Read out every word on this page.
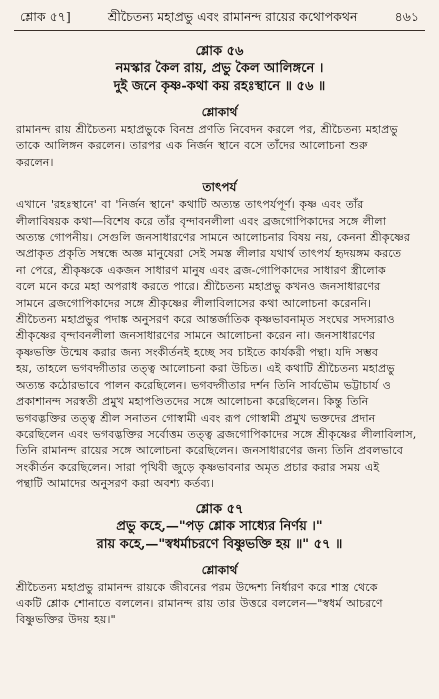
শ্লোক ৫৭]	শ্রীচৈতন্য মহাপ্রভু এবং রামানন্দ রায়ের কথোপকথন	৪৬১
শ্লোক ৫৬
নমস্কার কৈল রায়, প্রভু কৈল আলিঙ্গনে ।
দুই জনে কৃষ্ণ-কথা কয় রহঃস্থানে ॥ ৫৬ ॥
শ্লোকার্থ
রামানন্দ রায় শ্রীচৈতন্য মহাপ্রভুকে বিনম্র প্রণতি নিবেদন করলে পর, শ্রীচৈতন্য মহাপ্রভু
তাকে আলিঙ্গন করলেন। তারপর এক নির্জন স্থানে বসে তাঁদের আলোচনা শুরু
করলেন।
তাৎপর্য
এখানে 'রহঃস্থানে' বা 'নির্জন স্থানে' কথাটি অত্যন্ত তাৎপর্যপূর্ণ। কৃষ্ণ এবং তাঁর
লীলাবিষয়ক কথা—বিশেষ করে তাঁর বৃন্দাবনলীলা এবং ব্রজগোপিকাদের সঙ্গে লীলা
অত্যন্ত গোপনীয়। সেগুলি জনসাধারণের সামনে আলোচনার বিষয় নয়, কেননা শ্রীকৃষ্ণের
অপ্রাকৃত প্রকৃতি সম্বন্ধে অজ্ঞ মানুষেরা সেই সমস্ত লীলার যথার্থ তাৎপর্য হৃদয়ঙ্গম করতে
না পেরে, শ্রীকৃষ্ণকে একজন সাধারণ মানুষ এবং ব্রজ-গোপিকাদের সাধারণ স্ত্রীলোক
বলে মনে করে মহা অপরাধ করতে পারে। শ্রীচৈতন্য মহাপ্রভু কখনও জনসাধারণের
সামনে ব্রজগোপিকাদের সঙ্গে শ্রীকৃষ্ণের লীলাবিলাসের কথা আলোচনা করেননি।
শ্রীচৈতন্য মহাপ্রভুর পদাঙ্ক অনুসরণ করে আন্তর্জাতিক কৃষ্ণভাবনামৃত সংঘের সদস্যরাও
শ্রীকৃষ্ণের বৃন্দাবনলীলা জনসাধারণের সামনে আলোচনা করেন না। জনসাধারণের
কৃষ্ণভক্তি উন্মেষ করার জন্য সংকীর্তনই হচ্ছে সব চাইতে কার্যকরী পন্থা। যদি সম্ভব
হয়, তাহলে ভগবদ্গীতার তত্ত্ব আলোচনা করা উচিত। এই কথাটি শ্রীচৈতন্য মহাপ্রভু
অত্যন্ত কঠোরভাবে পালন করেছিলেন। ভগবদ্গীতার দর্শন তিনি সার্বভৌম ভট্টাচার্য ও
প্রকাশানন্দ সরস্বতী প্রমুখ মহাপণ্ডিতদের সঙ্গে আলোচনা করেছিলেন। কিন্তু তিনি
ভগবদ্ভক্তির তত্ত্ব শ্রীল সনাতন গোস্বামী এবং রূপ গোস্বামী প্রমুখ ভক্তদের প্রদান
করেছিলেন এবং ভগবদ্ভক্তির সর্বোত্তম তত্ত্ব ব্রজগোপিকাদের সঙ্গে শ্রীকৃষ্ণের লীলাবিলাস,
তিনি রামানন্দ রায়ের সঙ্গে আলোচনা করেছিলেন। জনসাধারণের জন্য তিনি প্রবলভাবে
সংকীর্তন করেছিলেন। সারা পৃথিবী জুড়ে কৃষ্ণভাবনার অমৃত প্রচার করার সময় এই
পন্থাটি আমাদের অনুসরণ করা অবশ্য কর্তব্য।
শ্লোক ৫৭
প্রভু কহে,—"পড় শ্লোক সাধ্যের নির্ণয় ।"
রায় কহে,—"স্বধর্মাচরণে বিষ্ণুভক্তি হয় ॥" ৫৭ ॥
শ্লোকার্থ
শ্রীচৈতন্য মহাপ্রভু রামানন্দ রায়কে জীবনের পরম উদ্দেশ্য নির্ধারণ করে শাস্ত্র থেকে
একটি শ্লোক শোনাতে বললেন। রামানন্দ রায় তার উত্তরে বললেন—"স্বধর্ম আচরণে
বিষ্ণুভক্তির উদয় হয়।"
